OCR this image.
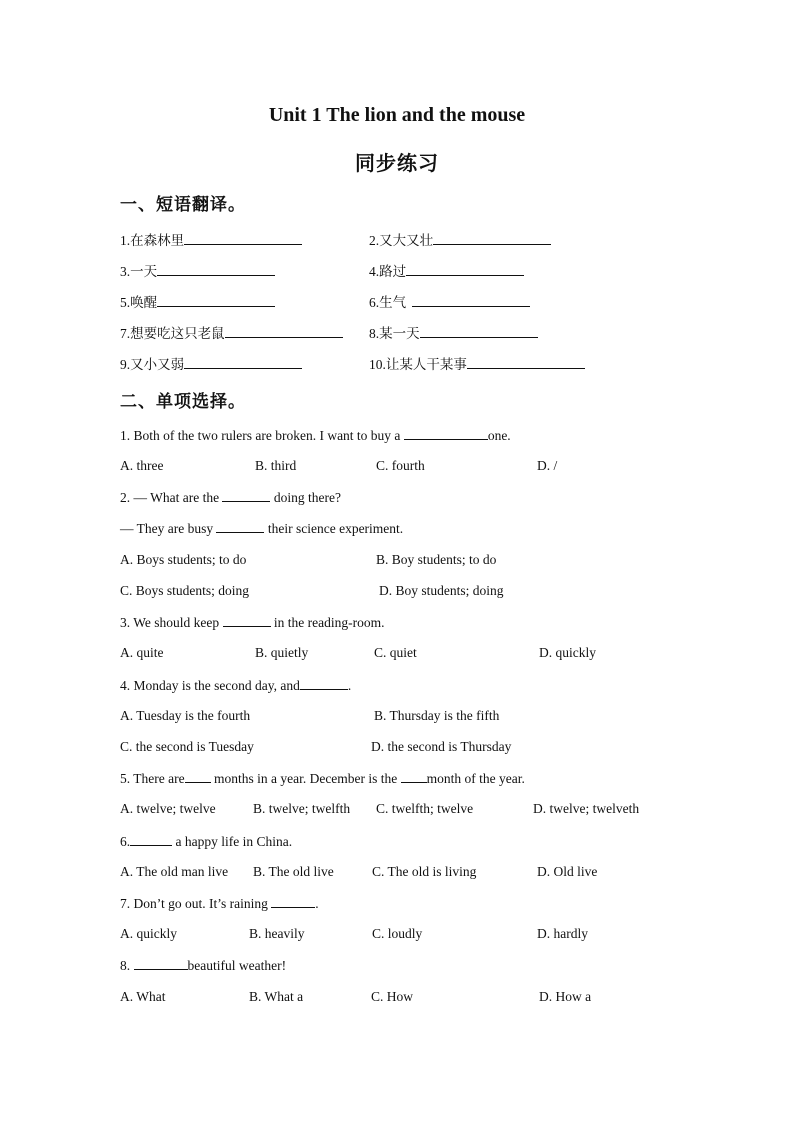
Unit 1 The lion and the mouse
同步练习
一、短语翻译。
1.在森林里	2.又大又壮
3.一天	4.路过
5.唤醒	6.生气
7.想要吃这只老鼠	8.某一天
9.又小又弱	10.让某人干某事
二、单项选择。
1. Both of the two rulers are broken. I want to buy a	one.
A. three	B. third	C. fourth	D. /
2. — What are the	doing there?
— They are busy	their science experiment.
A. Boys students; to do	B. Boy students; to do
C. Boys students; doing	D. Boy students; doing
3. We should keep	in the reading-room.
A. quite	B. quietly	C. quiet	D. quickly
4. Monday is the second day, and	.
A. Tuesday is the fourth	B. Thursday is the fifth
C. the second is Tuesday	D. the second is Thursday
5. There are months in a year. December is the month of the year.
A. twelve; twelve	B. twelve; twelfth C. twelfth; twelve	D. twelve; twelveth
6.	a happy life in China.
A. The old man live B. The old live	C. The old is living	D. Old live
7. Don’t go out. It’s raining	.
A. quickly	B. heavily	C. loudly	D. hardly
8.	beautiful weather!
A. What	B. What a	C. How	D. How a
